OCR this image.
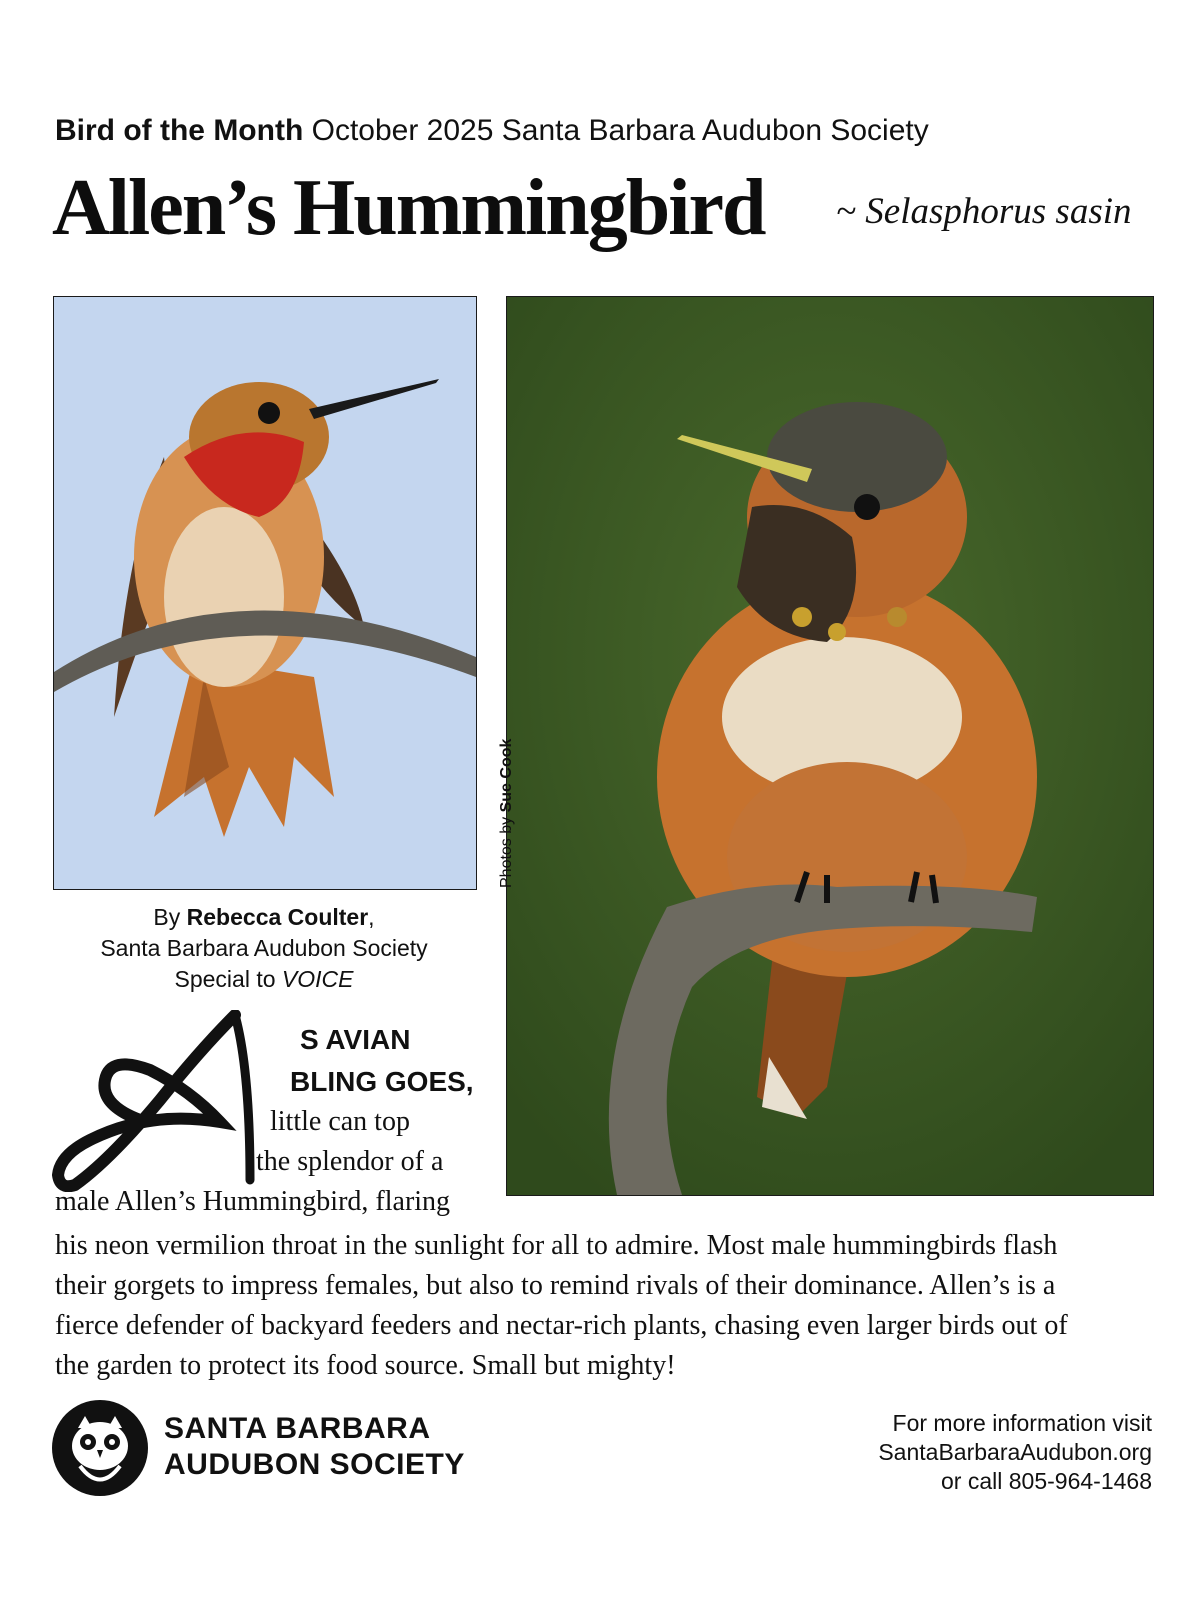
Bird of the Month October 2025 Santa Barbara Audubon Society
Allen’s Hummingbird ~ Selasphorus sasin
Photos by Sue Cook
By Rebecca Coulter,
Santa Barbara Audubon Society
Special to VOICE
S AVIAN
BLING GOES,
little can top
the splendor of a
male Allen’s Hummingbird, flaring
his neon vermilion throat in the sunlight for all to admire. Most male hummingbirds flash
their gorgets to impress females, but also to remind rivals of their dominance. Allen’s is a
fierce defender of backyard feeders and nectar-rich plants, chasing even larger birds out of
the garden to protect its food source. Small but mighty!
SANTA BARBARA
AUDUBON SOCIETY
For more information visit
SantaBarbaraAudubon.org
or call 805-964-1468
